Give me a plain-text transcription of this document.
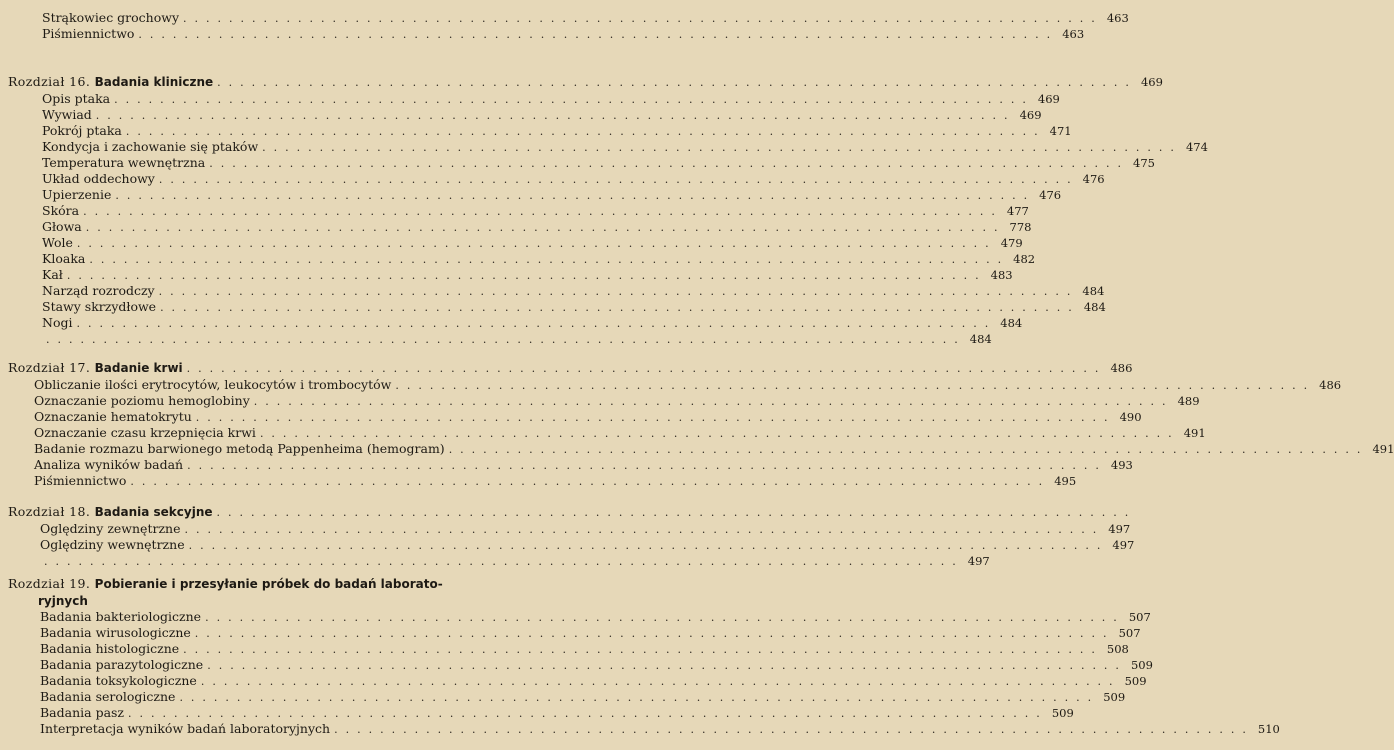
Strąkowiec grochowy ................................................................................ 463
Piśmiennictwo ................................................................................ 463
Rozdział 16. Badania kliniczne ................................................................................ 469
Opis ptaka ................................................................................ 469
Wywiad ................................................................................ 469
Pokrój ptaka ................................................................................ 471
Kondycja i zachowanie się ptaków ................................................................................ 474
Temperatura wewnętrzna ................................................................................ 475
Układ oddechowy ................................................................................ 476
Upierzenie ................................................................................ 476
Skóra ................................................................................ 477
Głowa ................................................................................ 778
Wole ................................................................................ 479
Kloaka ................................................................................ 482
Kał ................................................................................ 483
Narząd rozrodczy ................................................................................ 484
Stawy skrzydłowe ................................................................................ 484
Nogi ................................................................................ 484
................................................................................ 484
Rozdział 17. Badanie krwi ................................................................................ 486
Obliczanie ilości erytrocytów, leukocytów i trombocytów ................................................................................ 486
Oznaczanie poziomu hemoglobiny ................................................................................ 489
Oznaczanie hematokrytu ................................................................................ 490
Oznaczanie czasu krzepnięcia krwi ................................................................................ 491
Badanie rozmazu barwionego metodą Pappenheima (hemogram) ................................................................................ 491
Analiza wyników badań ................................................................................ 493
Piśmiennictwo ................................................................................ 495
Rozdział 18. Badania sekcyjne ................................................................................
Oględziny zewnętrzne ................................................................................ 497
Oględziny wewnętrzne ................................................................................ 497
................................................................................ 497
Rozdział 19. Pobieranie i przesyłanie próbek do badań laborato-
ryjnych
Badania bakteriologiczne ................................................................................ 507
Badania wirusologiczne ................................................................................ 507
Badania histologiczne ................................................................................ 508
Badania parazytologiczne ................................................................................ 509
Badania toksykologiczne ................................................................................ 509
Badania serologiczne ................................................................................ 509
Badania pasz ................................................................................ 509
Interpretacja wyników badań laboratoryjnych ................................................................................ 510
